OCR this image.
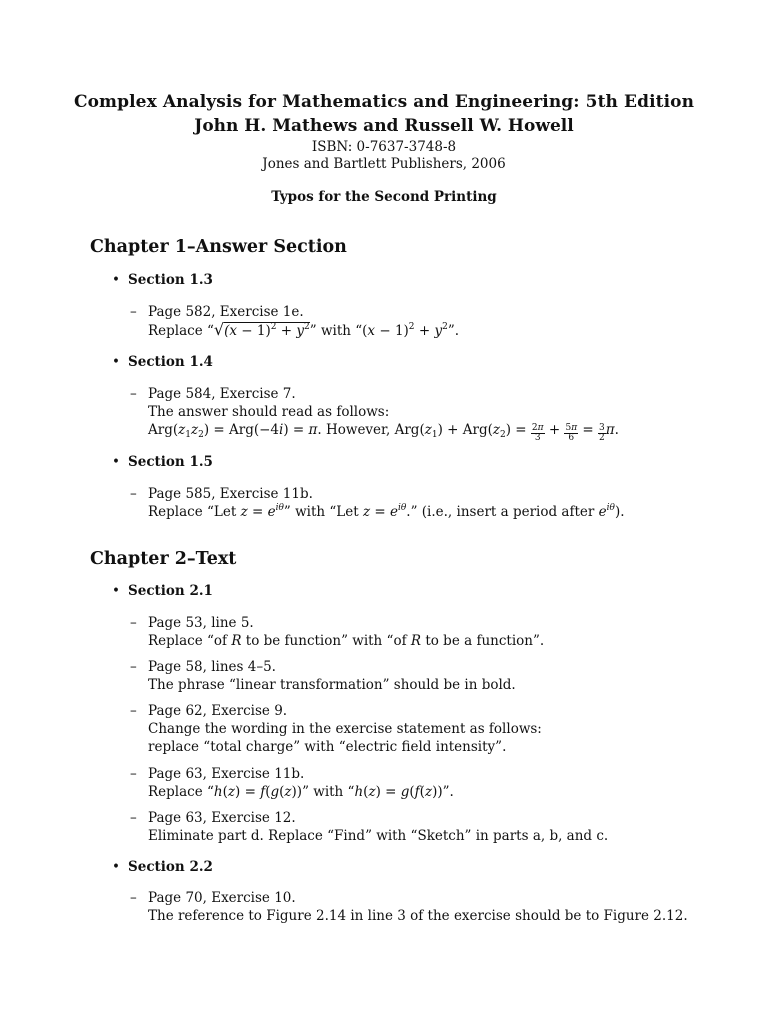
Complex Analysis for Mathematics and Engineering: 5th Edition
John H. Mathews and Russell W. Howell
ISBN: 0-7637-3748-8
Jones and Bartlett Publishers, 2006
Typos for the Second Printing
Chapter 1–Answer Section
• Section 1.3
– Page 582, Exercise 1e.
Replace “$√(x - 1)^2 + y^2$” with “$(x - 1)^2 + y^2$”.
• Section 1.4
– Page 584, Exercise 7.
The answer should read as follows:
$Arg(z_1z_2) = Arg(-4i) = \pi$. However, $Arg(z_1) + Arg(z_2) = \frac{2\pi}{3} + \frac{5\pi}{6} = \frac{3}{2} \pi$.
• Section 1.5
– Page 585, Exercise 11b.
Replace “Let $z = e^{i\theta}$” with “Let $z = e^{i\theta}$.” (i.e., insert a period after $e^{i\theta}$).
Chapter 2–Text
• Section 2.1
– Page 53, line 5.
Replace “of R to be function” with “of R to be a function”.
– Page 58, lines 4–5.
The phrase “linear transformation” should be in bold.
– Page 62, Exercise 9.
Change the wording in the exercise statement as follows:
replace “total charge” with “electric field intensity”.
– Page 63, Exercise 11b.
Replace “h(z) = f(g(z))” with “h(z) = g(f(z))”.
– Page 63, Exercise 12.
Eliminate part d. Replace “Find” with “Sketch” in parts a, b, and c.
• Section 2.2
– Page 70, Exercise 10.
The reference to Figure 2.14 in line 3 of the exercise should be to Figure 2.12.
